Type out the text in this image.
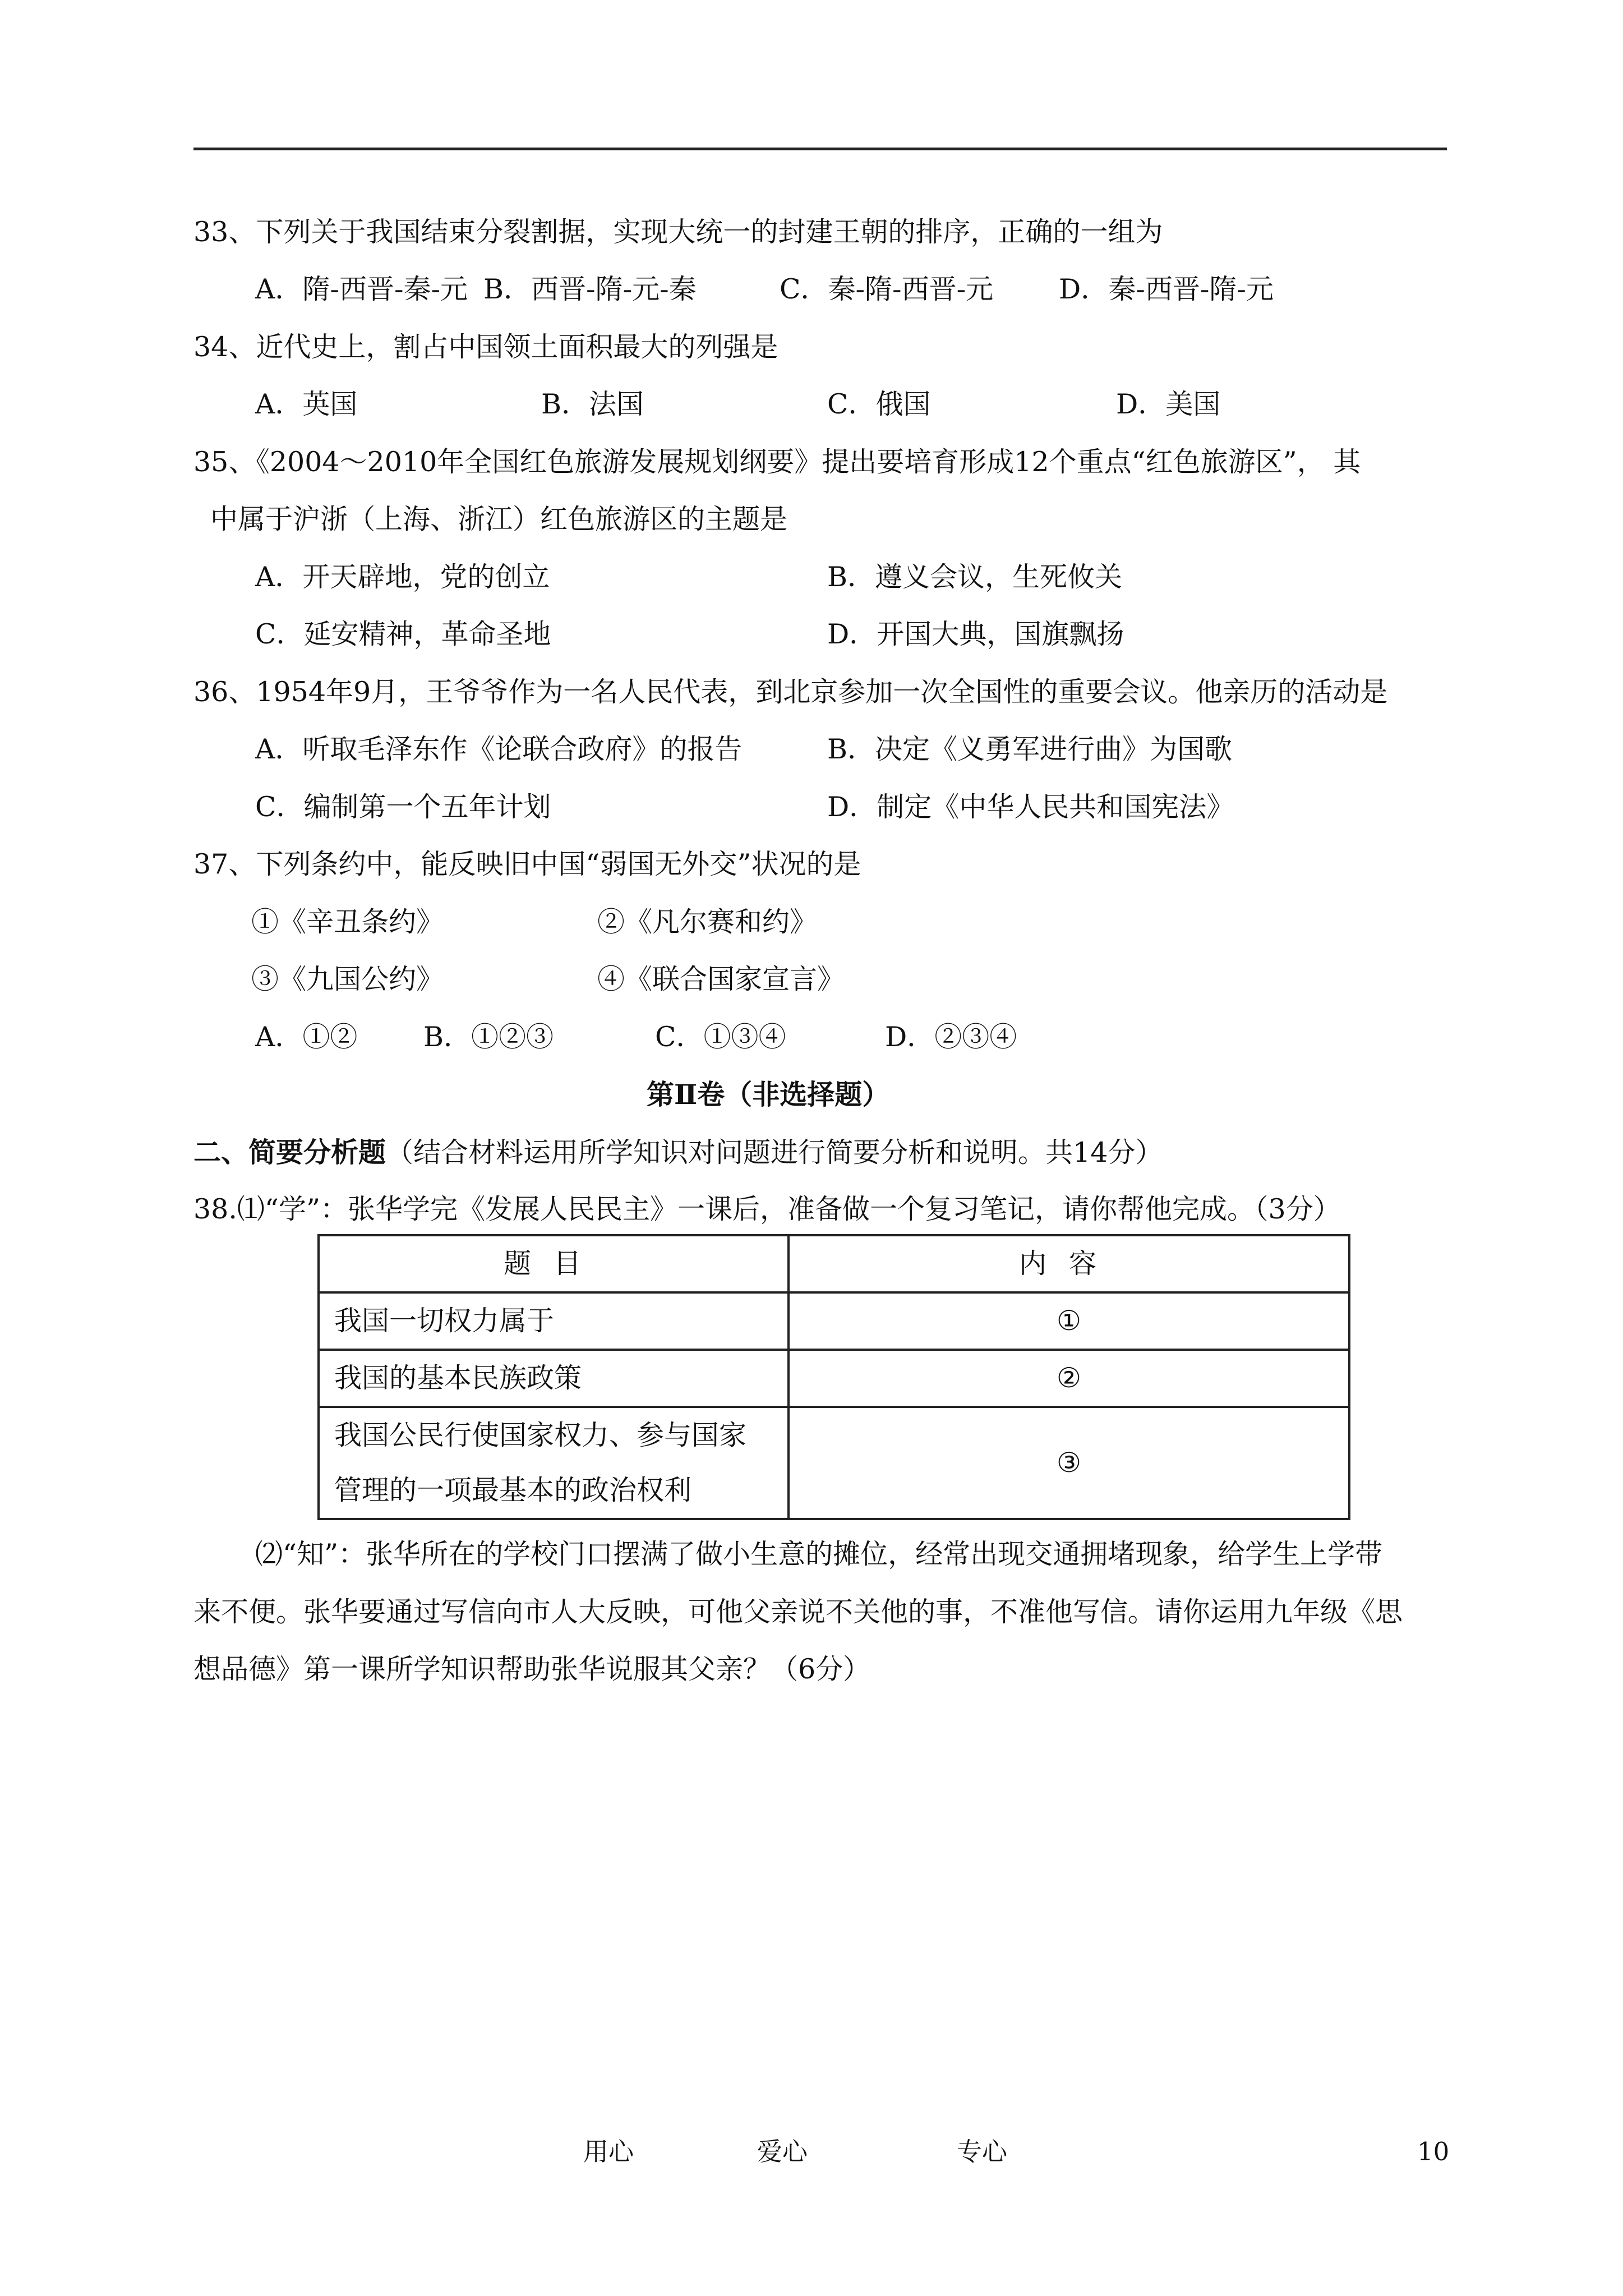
33、下列关于我国结束分裂割据，实现大统一的封建王朝的排序，正确的一组为
A．隋-西晋-秦-元 B．西晋-隋-元-秦	C．秦-隋-西晋-元 D．秦-西晋-隋-元
34、近代史上，割占中国领土面积最大的列强是
A．英国	B．法国	C．俄国	D．美国
35、《2004～2010年全国红色旅游发展规划纲要》提出要培育形成12个重点“红色旅游区”， 其
中属于沪浙（上海、浙江）红色旅游区的主题是
A．开天辟地，党的创立	B．遵义会议，生死攸关
C．延安精神，革命圣地	D．开国大典，国旗飘扬
36、1954年9月，王爷爷作为一名人民代表，到北京参加一次全国性的重要会议。他亲历的活动是
A．听取毛泽东作《论联合政府》的报告	B．决定《义勇军进行曲》为国歌
C．编制第一个五年计划	D．制定《中华人民共和国宪法》
37、下列条约中，能反映旧中国“弱国无外交”状况的是
①《辛丑条约》	②《凡尔赛和约》
③《九国公约》	④《联合国家宣言》
A．①② B．①②③	C．①③④	D．②③④
第Ⅱ卷（非选择题）
二、简要分析题（结合材料运用所学知识对问题进行简要分析和说明。共14分）
38.⑴“学”：张华学完《发展人民民主》一课后，准备做一个复习笔记，请你帮他完成。（3分）
题目	内容
我国一切权力属于	①
我国的基本民族政策	②

我国公民行使国家权力、参与国家
管理的一项最基本的政治权利	③
⑵“知”：张华所在的学校门口摆满了做小生意的摊位，经常出现交通拥堵现象，给学生上学带
来不便。张华要通过写信向市人大反映，可他父亲说不关他的事，不准他写信。请你运用九年级《思
想品德》第一课所学知识帮助张华说服其父亲？（6分）
用心	爱心	专心	10
